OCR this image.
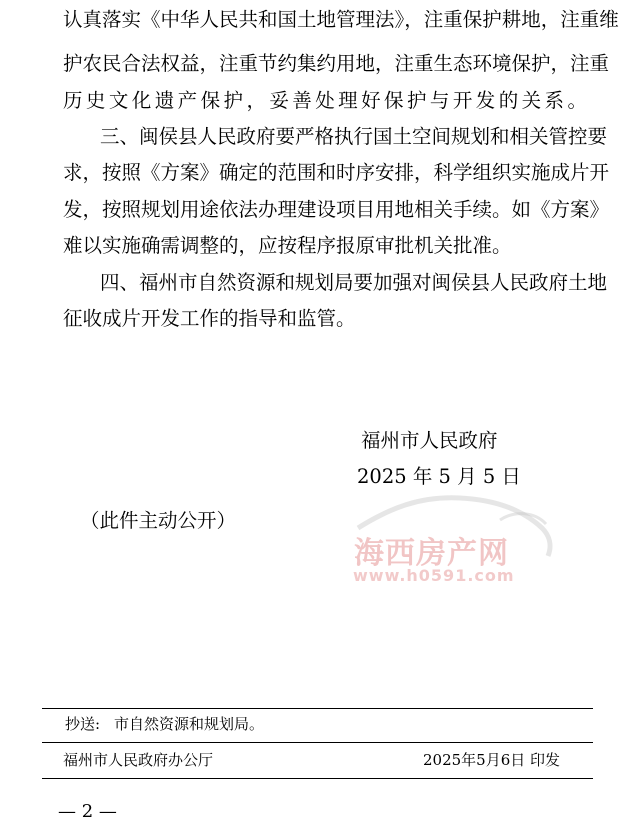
认真落实《中华人民共和国土地管理法》，注重保护耕地，注重维
护农民合法权益，注重节约集约用地，注重生态环境保护，注重
历史文化遗产保护，妥善处理好保护与开发的关系。
三、闽侯县人民政府要严格执行国土空间规划和相关管控要
求，按照《方案》确定的范围和时序安排，科学组织实施成片开
发，按照规划用途依法办理建设项目用地相关手续。如《方案》
难以实施确需调整的，应按程序报原审批机关批准。
四、福州市自然资源和规划局要加强对闽侯县人民政府土地
征收成片开发工作的指导和监管。
福州市人民政府
2025 年 5 月 5 日
（此件主动公开）
海西房产网
www.h0591.com
抄送: 市自然资源和规划局。
福州市人民政府办公厅	2025年5月6日 印发
— 2 —
